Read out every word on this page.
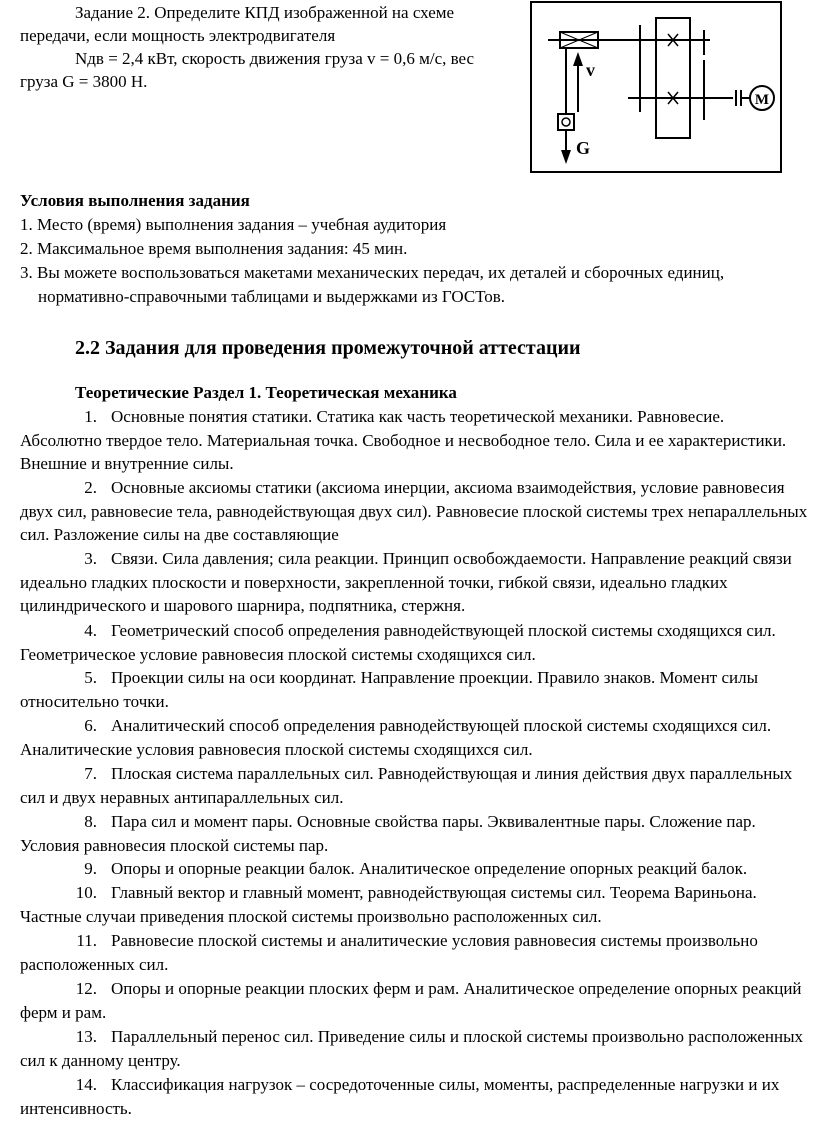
Задание 2. Определите КПД изображенной на схеме
передачи, если мощность электродвигателя
Nдв = 2,4 кВт, скорость движения груза v = 0,6 м/с, вес
груза G = 3800 Н.
v
G
M
Условия выполнения задания
1. Место (время) выполнения задания – учебная аудитория
2. Максимальное время выполнения задания: 45 мин.
3. Вы можете воспользоваться макетами механических передач, их деталей и сборочных единиц,
нормативно-справочными таблицами и выдержками из ГОСТов.
2.2 Задания для проведения промежуточной аттестации
Теоретические Раздел 1. Теоретическая механика

1. Основные понятия статики. Статика как часть теоретической механики. Равновесие. Абсолютно твердое тело. Материальная точка. Свободное и несвободное тело. Сила и ее характеристики. Внешние и внутренние силы.

2. Основные аксиомы статики (аксиома инерции, аксиома взаимодействия, условие равновесия двух сил, равновесие тела, равнодействующая двух сил). Равновесие плоской системы трех непараллельных сил. Разложение силы на две составляющие

3. Связи. Сила давления; сила реакции. Принцип освобождаемости. Направление реакций связи идеально гладких плоскости и поверхности, закрепленной точки, гибкой связи, идеально гладких цилиндрического и шарового шарнира, подпятника, стержня.

4. Геометрический способ определения равнодействующей плоской системы сходящихся сил. Геометрическое условие равновесия плоской системы сходящихся сил.

5. Проекции силы на оси координат. Направление проекции. Правило знаков. Момент силы относительно точки.

6. Аналитический способ определения равнодействующей плоской системы сходящихся сил. Аналитические условия равновесия плоской системы сходящихся сил.

7. Плоская система параллельных сил. Равнодействующая и линия действия двух параллельных сил и двух неравных антипараллельных сил.

8. Пара сил и момент пары. Основные свойства пары. Эквивалентные пары. Сложение пар. Условия равновесия плоской системы пар.

9. Опоры и опорные реакции балок. Аналитическое определение опорных реакций балок.

10. Главный вектор и главный момент, равнодействующая системы сил. Теорема Вариньона. Частные случаи приведения плоской системы произвольно расположенных сил.

11. Равновесие плоской системы и аналитические условия равновесия системы произвольно расположенных сил.

12. Опоры и опорные реакции плоских ферм и рам. Аналитическое определение опорных реакций ферм и рам.

13. Параллельный перенос сил. Приведение силы и плоской системы произвольно расположенных сил к данному центру.

14. Классификация нагрузок – сосредоточенные силы, моменты, распределенные нагрузки и их интенсивность.
